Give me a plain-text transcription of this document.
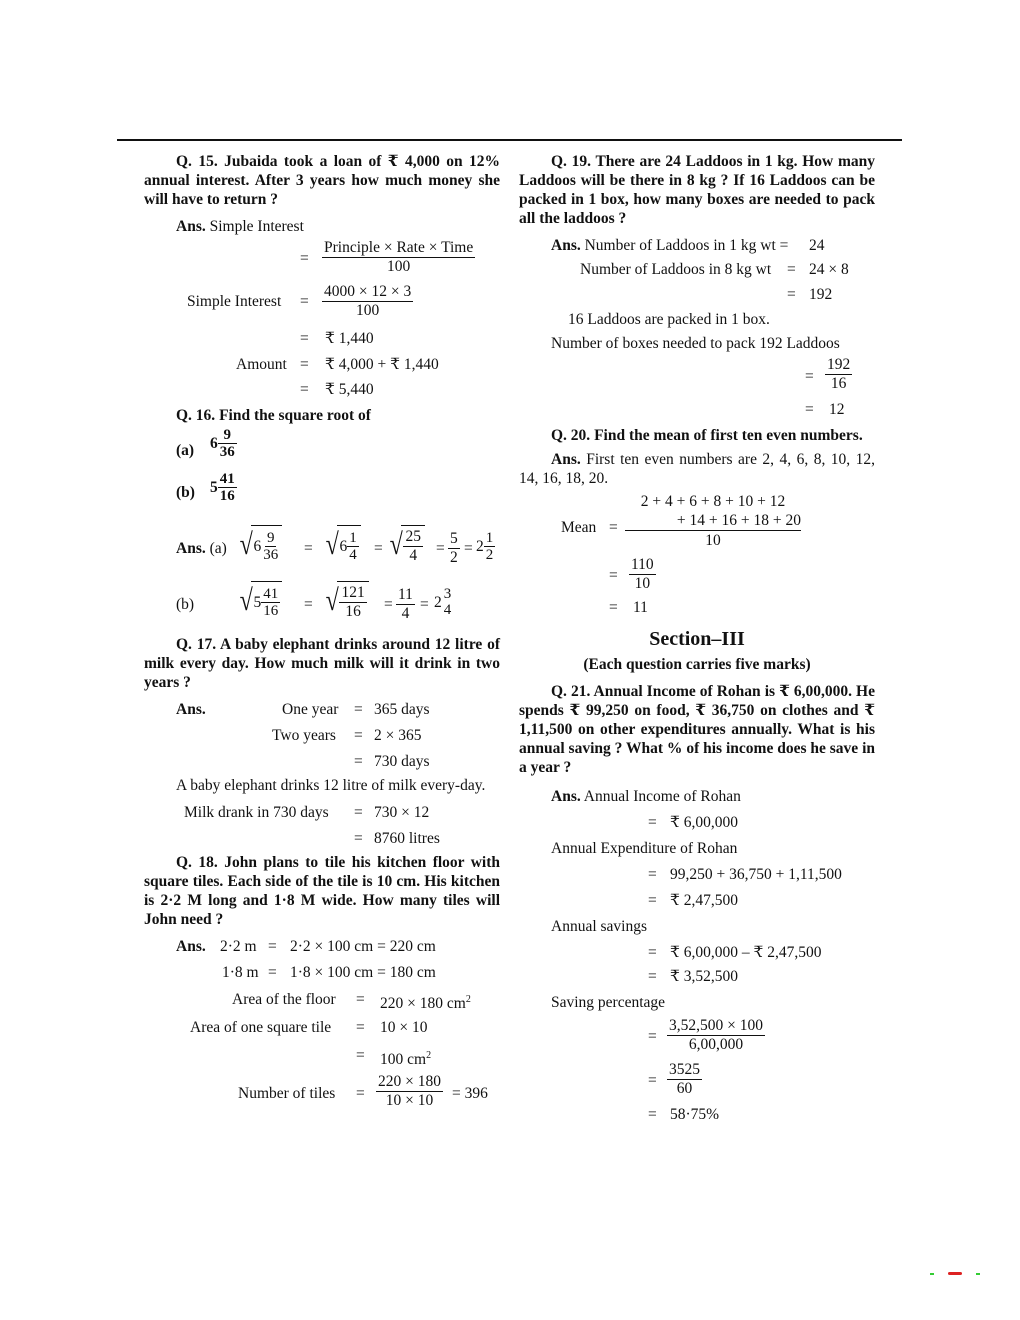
Q. 15. Jubaida took a loan of ₹ 4,000 on 12% annual interest. After 3 years how much money she will have to return ?

Ans. Simple Interest
=
Principle × Rate × Time
100
Simple Interest = $\frac{4000 \times 12 \times 3}{100}$
= ₹ 1,440
Amount = ₹ 4,000 + ₹ 1,440
= ₹ 5,440
Q. 16. Find the square root of
(a) $6 \frac{9}{36}$
(b) $5 \frac{41}{16}$
Ans. (a) √ $6 \frac{9}{36}$ = √ $6 \frac{1}{4}$ = √ $\frac{25}{4} = \frac{5}{2} = 2 \frac{1}{2}$
(b) √ $5 \frac{41}{16}$ = √ $\frac{121}{16} = \frac{11}{4} = 2$ 3
4

Q. 17. A baby elephant drinks around 12 litre of milk every day. How much milk will it drink in two years ?

Ans.	One year = 365 days
Two years = 2 × 365
= 730 days

A baby elephant drinks 12 litre of milk every-day.

Milk drank in 730 days = 730 × 12
= 8760 litres

Q. 18. John plans to tile his kitchen floor with square tiles. Each side of the tile is 10 cm. His kitchen is 2·2 M long and 1·8 M wide. How many tiles will John need ?

Ans. 2·2 m = 2·2 × 100 cm = 220 cm
1·8 m = 1·8 × 100 cm = 180 cm
Area of the floor = 220 × 180 $cm^2$
Area of one square tile = 10 × 10
= 100 $cm^2$
Number of tiles = $\frac{220 \times 180}{10 \times 10} = 396$

Q. 19. There are 24 Laddoos in 1 kg. How many Laddoos will be there in 8 kg ? If 16 Laddoos can be packed in 1 box, how many boxes are needed to pack all the laddoos ?

Ans. Number of Laddoos in 1 kg wt = 24
Number of Laddoos in 8 kg wt = 24 × 8
= 192
16 Laddoos are packed in 1 box.
Number of boxes needed to pack 192 Laddoos
= $\frac{192}{16}$
= 12

Q. 20. Find the mean of first ten even numbers.

Ans. First ten even numbers are 2, 4, 6, 8, 10, 12, 14, 16, 18, 20.

Mean =
2 + 4 + 6 + 8 + 10 + 12
+ 14 + 16 + 18 + 20
10
= $\frac{110}{10}$
= 11

Section–III

(Each question carries five marks)

Q. 21. Annual Income of Rohan is ₹ 6,00,000. He spends ₹ 99,250 on food, ₹ 36,750 on clothes and ₹ 1,11,500 on other expenditures annually. What is his annual saving ? What % of his income does he save in a year ?

Ans. Annual Income of Rohan
= ₹ 6,00,000
Annual Expenditure of Rohan
= 99,250 + 36,750 + 1,11,500
= ₹ 2,47,500
Annual savings
= ₹ 6,00,000 – ₹ 2,47,500
= ₹ 3,52,500
Saving percentage
= $\frac{3,52,500 \times 100}{6,00,000}$
= $\frac{3525}{60}$
= 58·75%
